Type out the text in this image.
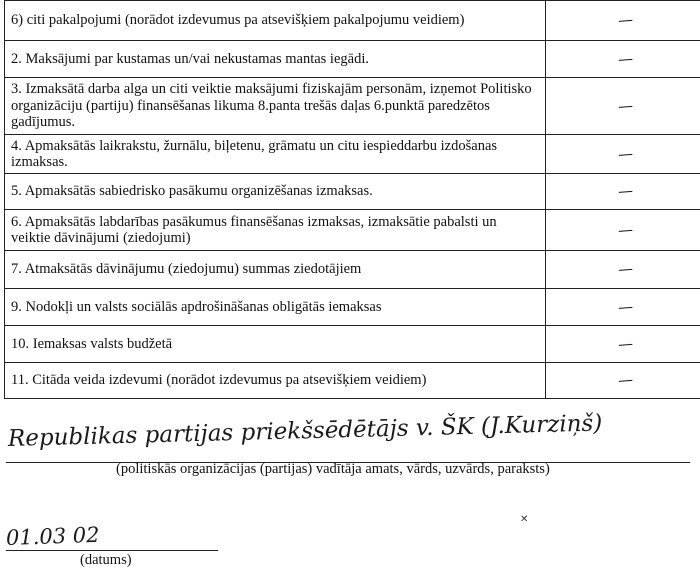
6) citi pakalpojumi (norādot izdevumus pa atsevišķiem pakalpojumu veidiem)	—
2. Maksājumi par kustamas un/vai nekustamas mantas iegādi.	—
3. Izmaksātā darba alga un citi veiktie maksājumi fiziskajām personām, izņemot Politisko organizāciju (partiju) finansēšanas likuma 8.panta trešās daļas 6.punktā paredzētos gadījumus.	—
4. Apmaksātās laikrakstu, žurnālu, biļetenu, grāmatu un citu iespieddarbu izdošanas izmaksas.	—
5. Apmaksātās sabiedrisko pasākumu organizēšanas izmaksas.	—
6. Apmaksātās labdarības pasākumus finansēšanas izmaksas, izmaksātie pabalsti un veiktie dāvinājumi (ziedojumi)	—
7. Atmaksātās dāvinājumu (ziedojumu) summas ziedotājiem	—
9. Nodokļi un valsts sociālās apdrošināšanas obligātās iemaksas	—
10. Iemaksas valsts budžetā	—
11. Citāda veida izdevumi (norādot izdevumus pa atsevišķiem veidiem)	—
Republikas partijas priekšsēdētājs v. ŠK (J.Kurziņš)
(politiskās organizācijas (partijas) vadītāja amats, vārds, uzvārds, paraksts)
01.03 02
(datums)
✕
